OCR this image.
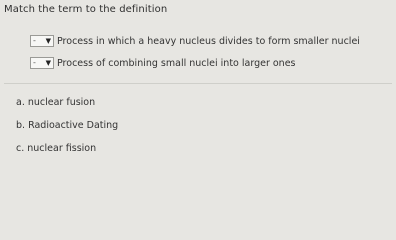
Match the term to the definition
- ▼ Process in which a heavy nucleus divides to form smaller nuclei
- ▼ Process of combining small nuclei into larger ones
a. nuclear fusion
b. Radioactive Dating
c. nuclear fission
